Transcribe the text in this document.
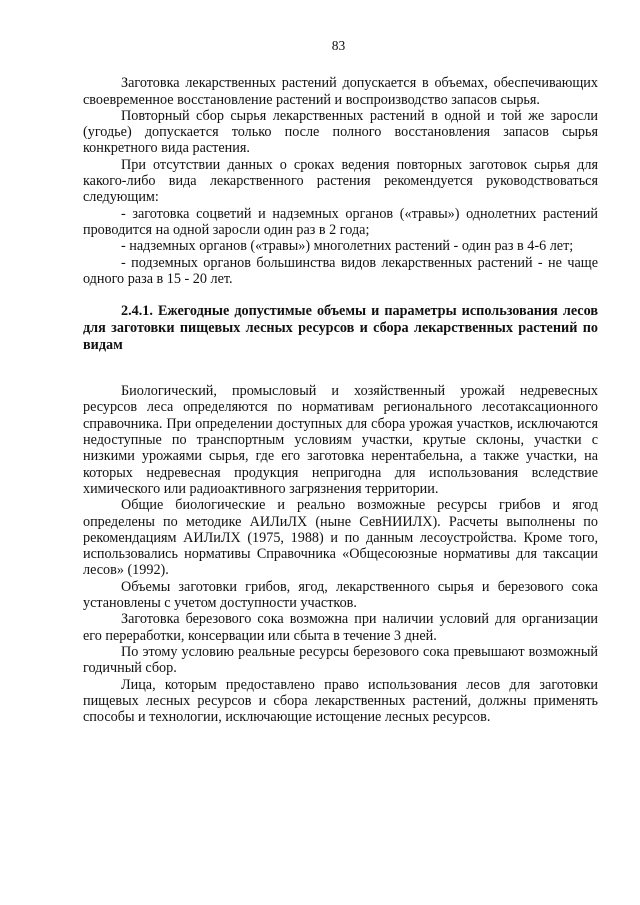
83

Заготовка лекарственных растений допускается в объемах, обеспечивающих своевременное восстановление растений и воспроизводство запасов сырья.

Повторный сбор сырья лекарственных растений в одной и той же заросли (угодье) допускается только после полного восстановления запасов сырья конкретного вида растения.

При отсутствии данных о сроках ведения повторных заготовок сырья для какого-либо вида лекарственного растения рекомендуется руководствоваться следующим:

- заготовка соцветий и надземных органов («травы») однолетних растений проводится на одной заросли один раз в 2 года;

- надземных органов («травы») многолетних растений - один раз в 4-6 лет;

- подземных органов большинства видов лекарственных растений - не чаще одного раза в 15 - 20 лет.

2.4.1. Ежегодные допустимые объемы и параметры использования лесов для заготовки пищевых лесных ресурсов и сбора лекарственных растений по видам

Биологический, промысловый и хозяйственный урожай недревесных ресурсов леса определяются по нормативам регионального лесотаксационного справочника. При определении доступных для сбора урожая участков, исключаются недоступные по транспортным условиям участки, крутые склоны, участки с низкими урожаями сырья, где его заготовка нерентабельна, а также участки, на которых недревесная продукция непригодна для использования вследствие химического или радиоактивного загрязнения территории.

Общие биологические и реально возможные ресурсы грибов и ягод определены по методике АИЛиЛХ (ныне СевНИИЛХ). Расчеты выполнены по рекомендациям АИЛиЛХ (1975, 1988) и по данным лесоустройства. Кроме того, использовались нормативы Справочника «Общесоюзные нормативы для таксации лесов» (1992).

Объемы заготовки грибов, ягод, лекарственного сырья и березового сока установлены с учетом доступности участков.

Заготовка березового сока возможна при наличии условий для организации его переработки, консервации или сбыта в течение 3 дней.

По этому условию реальные ресурсы березового сока превышают возможный годичный сбор.

Лица, которым предоставлено право использования лесов для заготовки пищевых лесных ресурсов и сбора лекарственных растений, должны применять способы и технологии, исключающие истощение лесных ресурсов.
